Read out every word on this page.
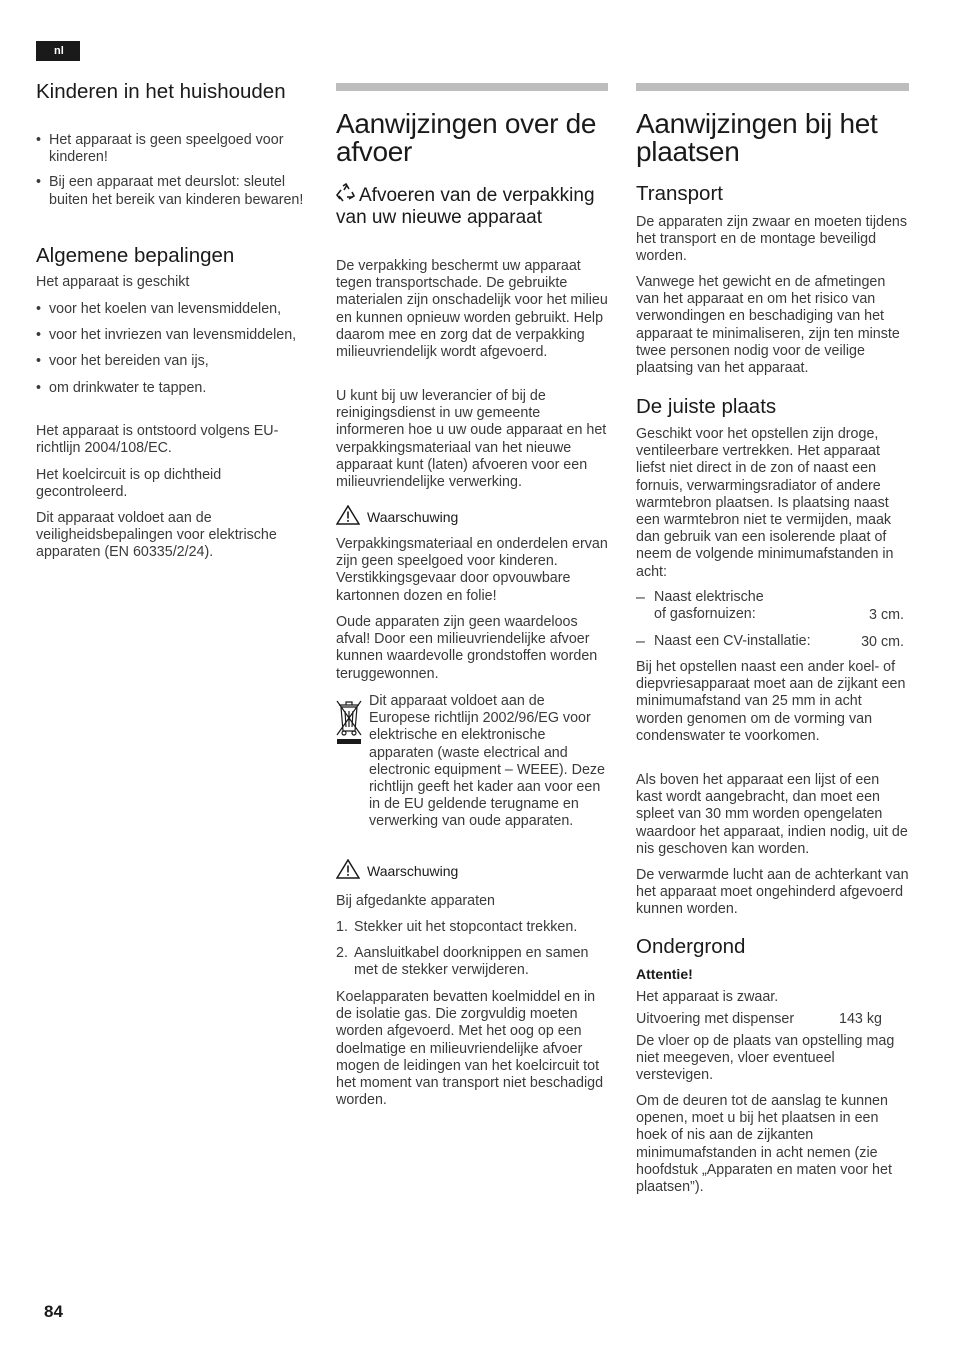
nl
Kinderen in het huishouden
• Het apparaat is geen speelgoed voor kinderen!
• Bij een apparaat met deurslot: sleutel buiten het bereik van kinderen bewaren!
Algemene bepalingen

Het apparaat is geschikt

• voor het koelen van levensmiddelen,
• voor het invriezen van levensmiddelen,
• voor het bereiden van ijs,
• om drinkwater te tappen.

Het apparaat is ontstoord volgens EU-richtlijn 2004/108/EC.

Het koelcircuit is op dichtheid gecontroleerd.

Dit apparaat voldoet aan de veiligheidsbepalingen voor elektrische apparaten (EN 60335/2/24).

Aanwijzingen over de afvoer
Afvoeren van de verpakking van uw nieuwe apparaat

De verpakking beschermt uw apparaat tegen transportschade. De gebruikte materialen zijn onschadelijk voor het milieu en kunnen opnieuw worden gebruikt. Help daarom mee en zorg dat de verpakking milieuvriendelijk wordt afgevoerd.

U kunt bij uw leverancier of bij de reinigingsdienst in uw gemeente informeren hoe u uw oude apparaat en het verpakkingsmateriaal van het nieuwe apparaat kunt (laten) afvoeren voor een milieuvriendelijke verwerking.

Waarschuwing

Verpakkingsmateriaal en onderdelen ervan zijn geen speelgoed voor kinderen. Verstikkingsgevaar door opvouwbare kartonnen dozen en folie!

Oude apparaten zijn geen waardeloos afval! Door een milieuvriendelijke afvoer kunnen waardevolle grondstoffen worden teruggewonnen.

Dit apparaat voldoet aan de Europese richtlijn 2002/96/EG voor elektrische en elektronische apparaten (waste electrical and electronic equipment – WEEE). Deze richtlijn geeft het kader aan voor een in de EU geldende terugname en verwerking van oude apparaten.

Waarschuwing

Bij afgedankte apparaten

1. Stekker uit het stopcontact trekken.
2. Aansluitkabel doorknippen en samen met de stekker verwijderen.

Koelapparaten bevatten koelmiddel en in de isolatie gas. Die zorgvuldig moeten worden afgevoerd. Met het oog op een doelmatige en milieuvriendelijke afvoer mogen de leidingen van het koelcircuit tot het moment van transport niet beschadigd worden.

Aanwijzingen bij het plaatsen
Transport

De apparaten zijn zwaar en moeten tijdens het transport en de montage beveiligd worden.

Vanwege het gewicht en de afmetingen van het apparaat en om het risico van verwondingen en beschadiging van het apparaat te minimaliseren, zijn ten minste twee personen nodig voor de veilige plaatsing van het apparaat.

De juiste plaats

Geschikt voor het opstellen zijn droge, ventileerbare vertrekken. Het apparaat liefst niet direct in de zon of naast een fornuis, verwarmingsradiator of andere warmtebron plaatsen. Is plaatsing naast een warmtebron niet te vermijden, maak dan gebruik van een isolerende plaat of neem de volgende minimumafstanden in acht:

– Naast elektrische

of gasfornuizen:	3 cm.
– Naast een CV-installatie:	30 cm.

Bij het opstellen naast een ander koel- of diepvriesapparaat moet aan de zijkant een minimumafstand van 25 mm in acht worden genomen om de vorming van condenswater te voorkomen.

Als boven het apparaat een lijst of een kast wordt aangebracht, dan moet een spleet van 30 mm worden opengelaten waardoor het apparaat, indien nodig, uit de nis geschoven kan worden.

De verwarmde lucht aan de achterkant van het apparaat moet ongehinderd afgevoerd kunnen worden.

Ondergrond

Attentie!

Het apparaat is zwaar.

Uitvoering met dispenser	143 kg

De vloer op de plaats van opstelling mag niet meegeven, vloer eventueel verstevigen.

Om de deuren tot de aanslag te kunnen openen, moet u bij het plaatsen in een hoek of nis aan de zijkanten minimumafstanden in acht nemen (zie hoofdstuk „Apparaten en maten voor het plaatsen”).

84
